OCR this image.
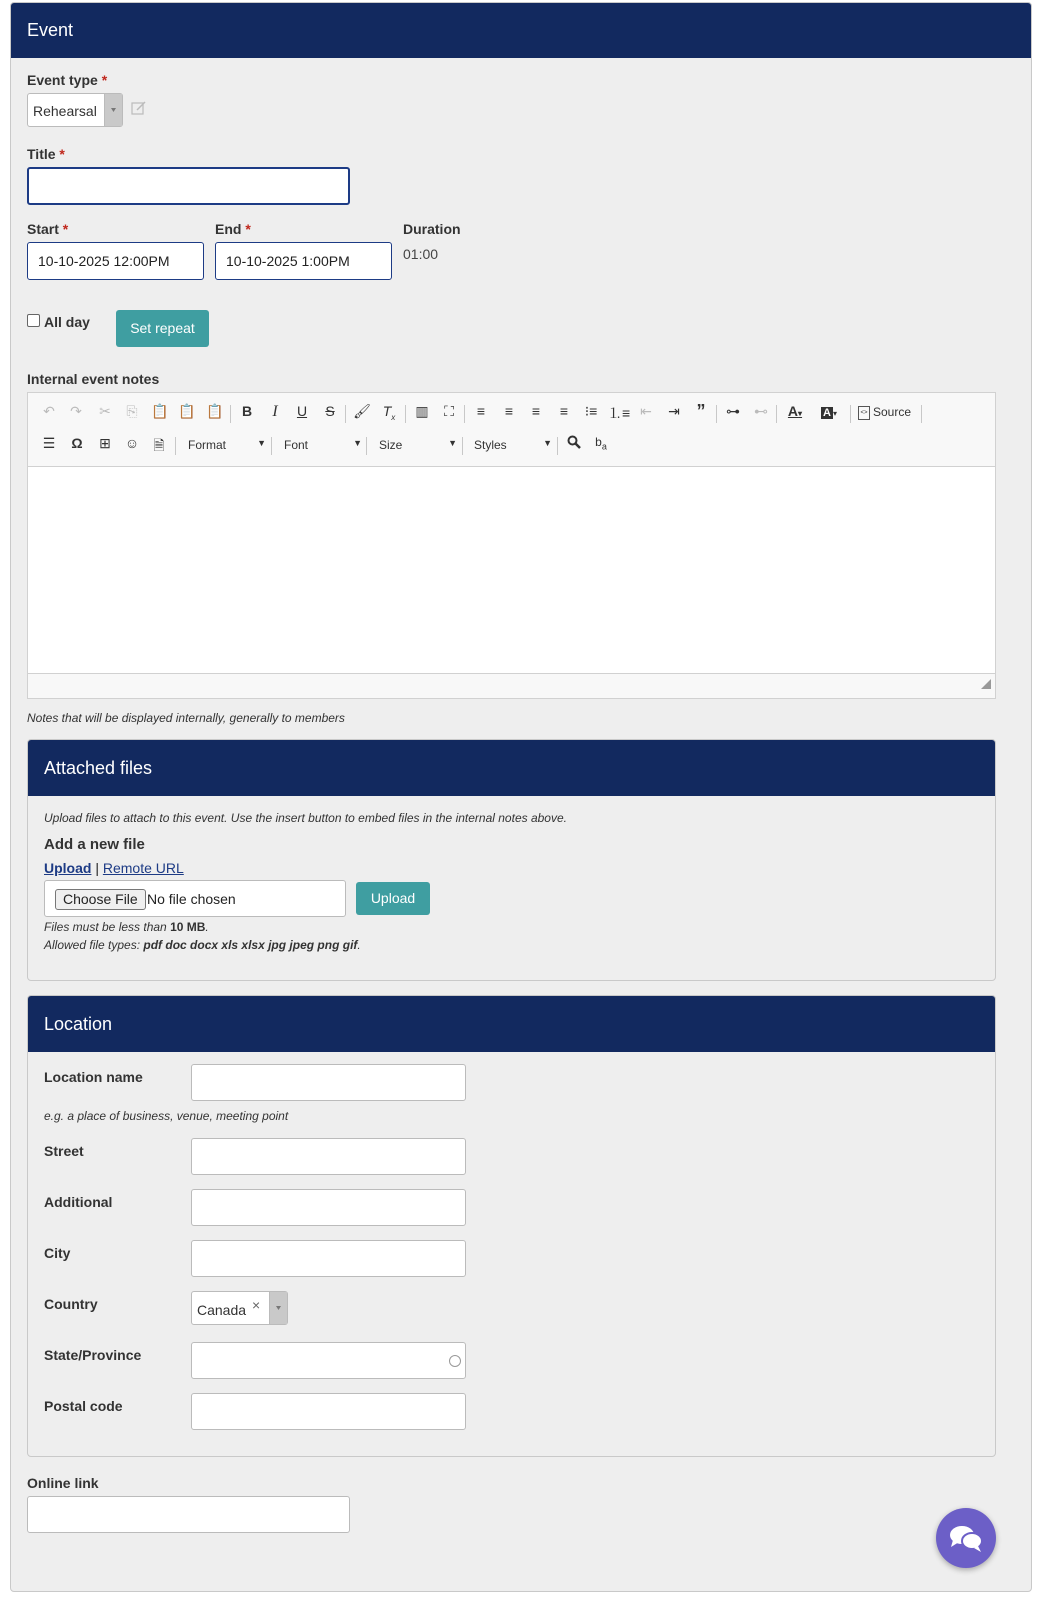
Event
Event type *
Rehearsal
Title *
Start *
10-10-2025 12:00PM
End *
10-10-2025 1:00PM
Duration
01:00
All day	Set repeat
Internal event notes
↶	↷	✂	⎘ 📋 📋 📋	B	I	U	S	🖌 $T_x$	▥	⛶	≡	≡	≡	≡	⁝≡ ⒈≡ ⇤	⇥ ”	⊶ ⊷ A▾	A ▾	<> Source
☰	Ω	⊞ ☺	🗎	Format	▼ Font	▼ Size	▼ Styles	▼	$b_a$
Notes that will be displayed internally, generally to members
Attached files
Upload files to attach to this event. Use the insert button to embed files in the internal notes above.
Add a new file
Upload | Remote URL
Choose File No file chosen	Upload
Files must be less than 10 MB.
Allowed file types: pdf doc docx xls xlsx jpg jpeg png gif.
Location
Location name
e.g. a place of business, venue, meeting point
Street
Additional
City
Country	Canada ×
State/Province
Postal code
Online link
